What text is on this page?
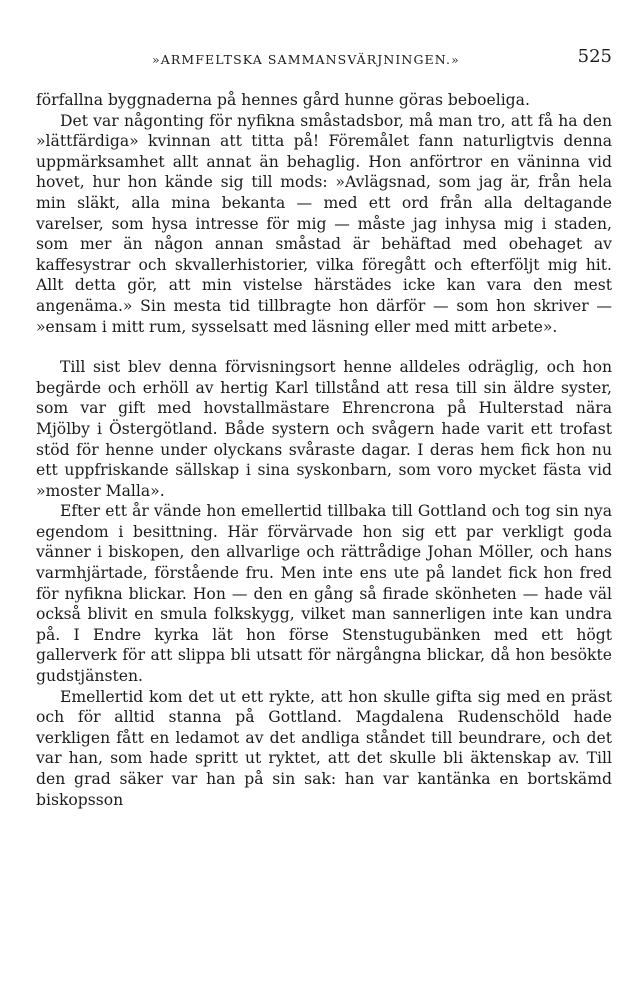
»ARMFELTSKA SAMMANSVÄRJNINGEN.»	525

förfallna byggnaderna på hennes gård hunne göras beboeliga.

Det var någonting för nyfikna småstadsbor, må man tro, att få ha den »lättfärdiga» kvinnan att titta på! Föremålet fann naturligtvis denna uppmärksamhet allt annat än behaglig. Hon anförtror en väninna vid hovet, hur hon kände sig till mods: »Avlägsnad, som jag är, från hela min släkt, alla mina bekanta — med ett ord från alla deltagande varelser, som hysa intresse för mig — måste jag inhysa mig i staden, som mer än någon annan småstad är behäftad med obehaget av kaffesystrar och skvallerhistorier, vilka föregått och efterföljt mig hit. Allt detta gör, att min vistelse härstädes icke kan vara den mest angenäma.» Sin mesta tid tillbragte hon därför — som hon skriver — »ensam i mitt rum, sysselsatt med läsning eller med mitt arbete».

Till sist blev denna förvisningsort henne alldeles odräglig, och hon begärde och erhöll av hertig Karl tillstånd att resa till sin äldre syster, som var gift med hovstallmästare Ehrencrona på Hulterstad nära Mjölby i Östergötland. Både systern och svågern hade varit ett trofast stöd för henne under olyckans svåraste dagar. I deras hem fick hon nu ett uppfriskande sällskap i sina syskonbarn, som voro mycket fästa vid »moster Malla».

Efter ett år vände hon emellertid tillbaka till Gottland och tog sin nya egendom i besittning. Här förvärvade hon sig ett par verkligt goda vänner i biskopen, den allvarlige och rättrådige Johan Möller, och hans varmhjärtade, förstående fru. Men inte ens ute på landet fick hon fred för nyfikna blickar. Hon — den en gång så firade skönheten — hade väl också blivit en smula folkskygg, vilket man sannerligen inte kan undra på. I Endre kyrka lät hon förse Stenstugubänken med ett högt gallerverk för att slippa bli utsatt för närgångna blickar, då hon besökte gudstjänsten.

Emellertid kom det ut ett rykte, att hon skulle gifta sig med en präst och för alltid stanna på Gottland. Magdalena Rudenschöld hade verkligen fått en ledamot av det andliga ståndet till beundrare, och det var han, som hade spritt ut ryktet, att det skulle bli äktenskap av. Till den grad säker var han på sin sak: han var kantänka en bortskämd biskopsson
